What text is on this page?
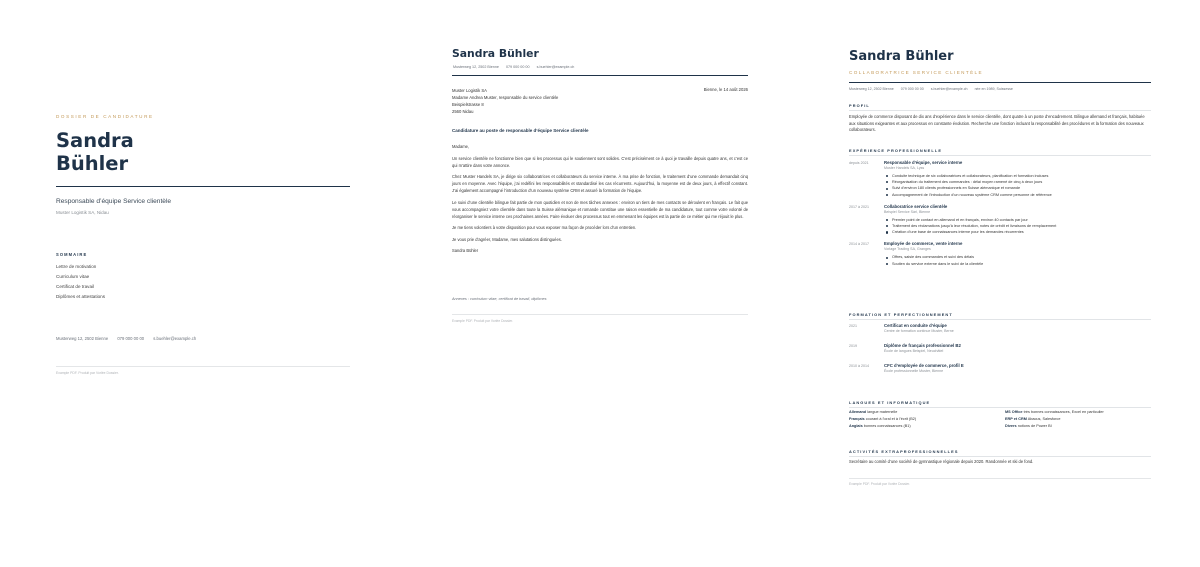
DOSSIER DE CANDIDATURE
Sandra
Bühler
Responsable d’équipe Service clientèle
Muster Logistik SA, Nidau
SOMMAIRE
Lettre de motivation
Curriculum vitae
Certificat de travail
Diplômes et attestations
Musterweg 12, 2502 Bienne 079 000 00 00 s.buehler@example.ch
Example PDF. Produit par Vorlée Dossier.
Sandra Bühler
Musterweg 12, 2502 Bienne 079 000 00 00 s.buehler@example.ch
Muster Logistik SA
Madame Andrea Muster, responsable du service clientèle
Beispielstrasse 8
2560 Nidau
Bienne, le 14 août 2026
Candidature au poste de responsable d’équipe Service clientèle

Madame,

Un service clientèle ne fonctionne bien que si les processus qui le soutiennent sont solides. C’est précisément ce à quoi je travaille depuis quatre ans, et c’est ce qui m’attire dans votre annonce.

Chez Muster Handels SA, je dirige six collaboratrices et collaborateurs du service interne. À ma prise de fonction, le traitement d’une commande demandait cinq jours en moyenne. Avec l’équipe, j’ai redéfini les responsabilités et standardisé les cas récurrents. Aujourd’hui, la moyenne est de deux jours, à effectif constant. J’ai également accompagné l’introduction d’un nouveau système CRM et assuré la formation de l’équipe.

Le suivi d’une clientèle bilingue fait partie de mon quotidien et non de mes tâches annexes : environ un tiers de mes contacts se déroulent en français. Le fait que vous accompagniez votre clientèle dans toute la Suisse alémanique et romande constitue une raison essentielle de ma candidature, tout comme votre volonté de réorganiser le service interne ces prochaines années. Faire évoluer des processus tout en emmenant les équipes est la partie de ce métier qui me réjouit le plus.

Je me tiens volontiers à votre disposition pour vous exposer ma façon de procéder lors d’un entretien.

Je vous prie d’agréer, Madame, mes salutations distinguées.

Sandra Bühler

Annexes : curriculum vitae, certificat de travail, diplômes
Example PDF. Produit par Vorlée Dossier.
Sandra Bühler
COLLABORATRICE SERVICE CLIENTÈLE
Musterweg 12, 2502 Bienne 079 000 00 00 s.buehler@example.ch née en 1989, Suissesse
PROFIL
Employée de commerce disposant de dix ans d’expérience dans le service clientèle, dont quatre à un poste d’encadrement. Bilingue allemand et français, habituée aux situations exigeantes et aux processus en constante évolution. Recherche une fonction incluant la responsabilité des procédures et la formation des nouveaux collaborateurs.
EXPÉRIENCE PROFESSIONNELLE
depuis 2021	Responsable d’équipe, service interne
Muster Handels SA, Lyss
Conduite technique de six collaboratrices et collaborateurs, planification et formation incluses
Réorganisation du traitement des commandes : délai moyen ramené de cinq à deux jours
Suivi d’environ 180 clients professionnels en Suisse alémanique et romande
Accompagnement de l’introduction d’un nouveau système CRM comme personne de référence
2017 à 2021	Collaboratrice service clientèle
Beispiel Service Sàrl, Bienne
Premier point de contact en allemand et en français, environ 40 contacts par jour
Traitement des réclamations jusqu’à leur résolution, notes de crédit et livraisons de remplacement
Création d’une base de connaissances interne pour les demandes récurrentes
2014 à 2017	Employée de commerce, vente interne
Vorlage Trading SA, Granges
Offres, saisie des commandes et suivi des délais
Soutien du service externe dans le suivi de la clientèle
FORMATION ET PERFECTIONNEMENT
2021	Certificat en conduite d’équipe
Centre de formation continue Muster, Berne
2019	Diplôme de français professionnel B2
École de langues Beispiel, Neuchâtel
2010 à 2014	CFC d’employée de commerce, profil E
École professionnelle Muster, Bienne
LANGUES ET INFORMATIQUE
Allemand langue maternelle	MS Office très bonnes connaissances, Excel en particulier
Français courant à l’oral et à l’écrit (B2)	ERP et CRM Abacus, Salesforce
Anglais bonnes connaissances (B1)	Divers notions de Power BI
ACTIVITÉS EXTRAPROFESSIONNELLES
Secrétaire au comité d’une société de gymnastique régionale depuis 2020. Randonnée et ski de fond.
Example PDF. Produit par Vorlée Dossier.
